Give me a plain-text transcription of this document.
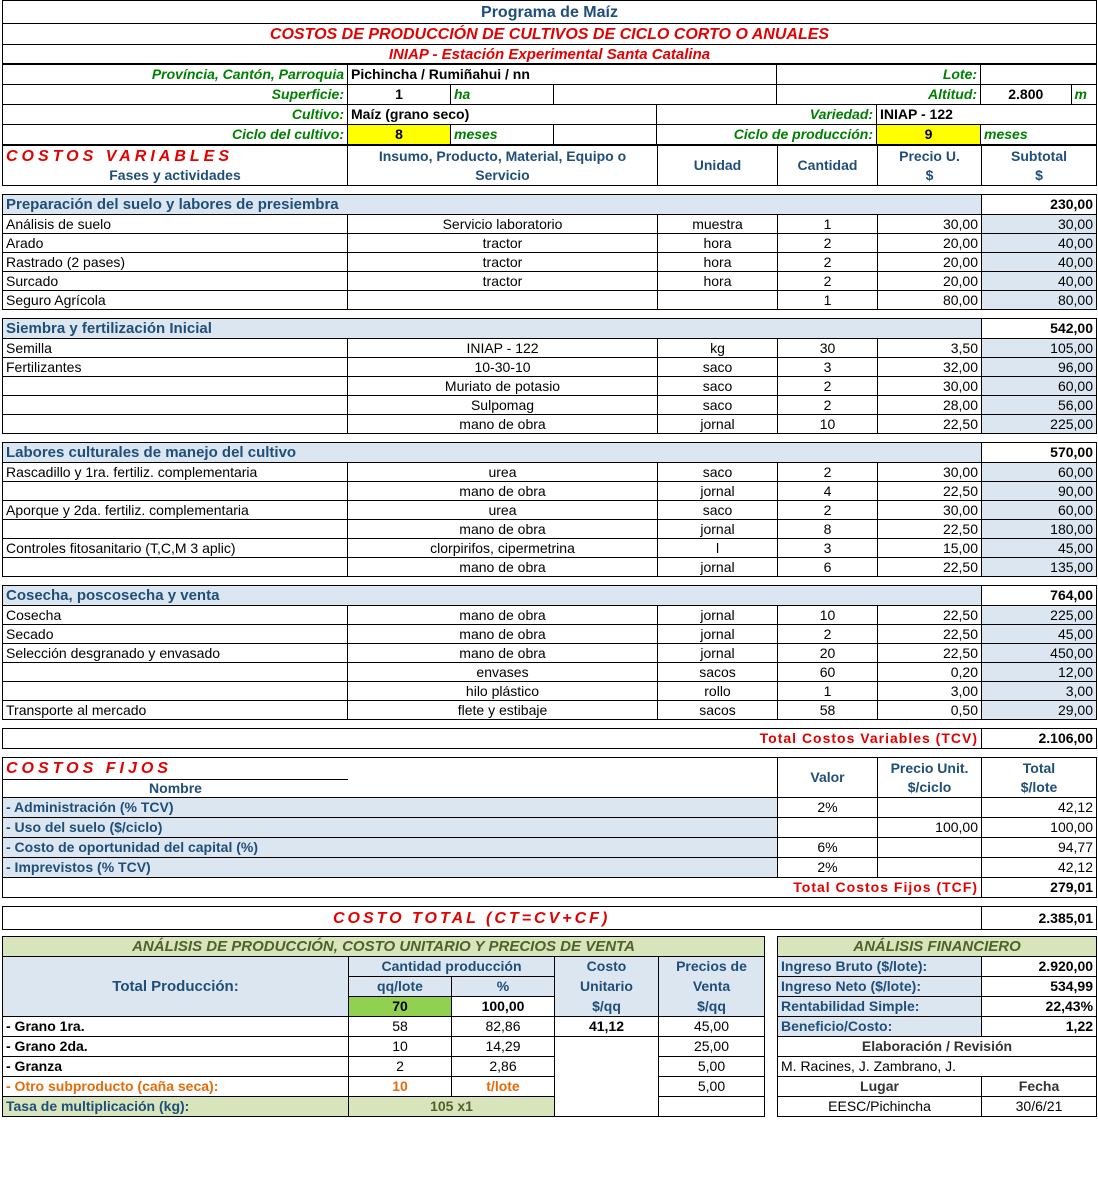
Programa de Maíz
COSTOS DE PRODUCCIÓN DE CULTIVOS DE CICLO CORTO O ANUALES
INIAP - Estación Experimental Santa Catalina
Província, Cantón, Parroquia	Pichincha / Rumiñahui / nn	Lote:	
Superficie:	1	ha		Altitud:	2.800	m

Cultivo:	Maíz (grano seco)	Variedad:	INIAP - 122
Ciclo del cultivo:	8	meses		Ciclo de producción:	9	meses
COSTOS VARIABLES	Insumo, Producto, Material, Equipo o	Unidad	Cantidad	Precio U.	Subtotal
Fases y actividades	Servicio			$	$

Preparación del suelo y labores de presiembra					230,00
Análisis de suelo	Servicio laboratorio	muestra	1	30,00	30,00
Arado	tractor	hora	2	20,00	40,00
Rastrado (2 pases)	tractor	hora	2	20,00	40,00
Surcado	tractor	hora	2	20,00	40,00
Seguro Agrícola			1	80,00	80,00

Siembra y fertilización Inicial					542,00
Semilla	INIAP - 122	kg	30	3,50	105,00
Fertilizantes	10-30-10	saco	3	32,00	96,00
	Muriato de potasio	saco	2	30,00	60,00
	Sulpomag	saco	2	28,00	56,00
	mano de obra	jornal	10	22,50	225,00

Labores culturales de manejo del cultivo					570,00
Rascadillo y 1ra. fertiliz. complementaria	urea	saco	2	30,00	60,00
	mano de obra	jornal	4	22,50	90,00
Aporque y 2da. fertiliz. complementaria	urea	saco	2	30,00	60,00
	mano de obra	jornal	8	22,50	180,00
Controles fitosanitario (T,C,M 3 aplic)	clorpirifos, cipermetrina	l	3	15,00	45,00
	mano de obra	jornal	6	22,50	135,00

Cosecha, poscosecha y venta					764,00
Cosecha	mano de obra	jornal	10	22,50	225,00
Secado	mano de obra	jornal	2	22,50	45,00
Selección desgranado y envasado	mano de obra	jornal	20	22,50	450,00
	envases	sacos	60	0,20	12,00
	hilo plástico	rollo	1	3,00	3,00
Transporte al mercado	flete y estibaje	sacos	58	0,50	29,00

Total Costos Variables (TCV)					2.106,00

COSTOS FIJOS	Valor	Precio Unit.	Total

Nombre		$/ciclo	$/lote
- Administración (% TCV)	2%		42,12
- Uso del suelo ($/ciclo)		100,00	100,00
- Costo de oportunidad del capital (%)	6%		94,77
- Imprevistos (% TCV)	2%		42,12
Total Costos Fijos (TCF)			279,01

COSTO TOTAL (CT=CV+CF)			2.385,01
ANÁLISIS DE PRODUCCIÓN, COSTO UNITARIO Y PRECIOS DE VENTA				
Total Producción:	Cantidad producción		Costo	Precios de
	qq/lote	%	Unitario	Venta
	70	100,00	$/qq	$/qq
- Grano 1ra.	58	82,86	41,12	45,00
- Grano 2da.	10	14,29		25,00
- Granza	2	2,86		5,00
- Otro subproducto (caña seca):	10	t/lote		5,00
Tasa de multiplicación (kg):	105 x1			
ANÁLISIS FINANCIERO	
Ingreso Bruto ($/lote):	2.920,00
Ingreso Neto ($/lote):	534,99
Rentabilidad Simple:	22,43%
Beneficio/Costo:	1,22
Elaboración / Revisión	
M. Racines, J. Zambrano, J.	
Lugar	Fecha
EESC/Pichincha	30/6/21
